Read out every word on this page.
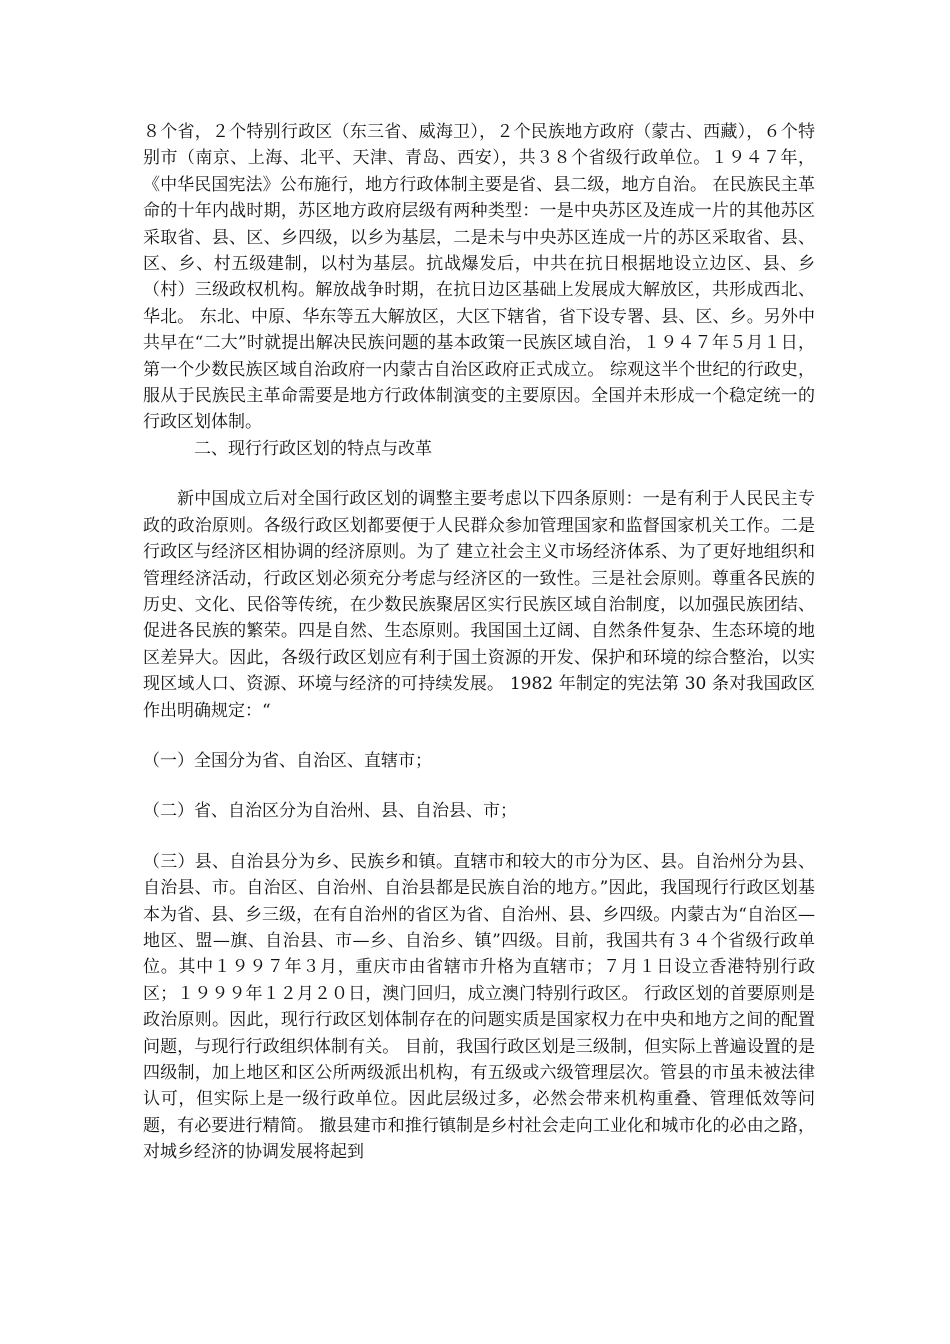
８个省，２个特别行政区（东三省、威海卫），２个民族地方政府（蒙古、西藏），６个特别市（南京、上海、北平、天津、青岛、西安），共３８个省级行政单位。１９４７年，《中华民国宪法》公布施行，地方行政体制主要是省、县二级，地方自治。 在民族民主革命的十年内战时期，苏区地方政府层级有两种类型：一是中央苏区及连成一片的其他苏区采取省、县、区、乡四级，以乡为基层，二是未与中央苏区连成一片的苏区采取省、县、区、乡、村五级建制，以村为基层。抗战爆发后，中共在抗日根据地设立边区、县、乡（村）三级政权机构。解放战争时期，在抗日边区基础上发展成大解放区，共形成西北、华北。 东北、中原、华东等五大解放区，大区下辖省，省下设专署、县、区、乡。另外中共早在“二大”时就提出解决民族问题的基本政策一民族区域自治，１９４７年５月１日，第一个少数民族区域自治政府一内蒙古自治区政府正式成立。 综观这半个世纪的行政史，服从于民族民主革命需要是地方行政体制演变的主要原因。全国并未形成一个稳定统一的行政区划体制。

二、现行行政区划的特点与改革

新中国成立后对全国行政区划的调整主要考虑以下四条原则：一是有利于人民民主专政的政治原则。各级行政区划都要便于人民群众参加管理国家和监督国家机关工作。二是行政区与经济区相协调的经济原则。为了 建立社会主义市场经济体系、为了更好地组织和管理经济活动，行政区划必须充分考虑与经济区的一致性。三是社会原则。尊重各民族的历史、文化、民俗等传统，在少数民族聚居区实行民族区域自治制度，以加强民族团结、促进各民族的繁荣。四是自然、生态原则。我国国土辽阔、自然条件复杂、生态环境的地区差异大。因此，各级行政区划应有利于国土资源的开发、保护和环境的综合整治，以实现区域人口、资源、环境与经济的可持续发展。 1982 年制定的宪法第 30 条对我国政区作出明确规定：“

（一）全国分为省、自治区、直辖市；

（二）省、自治区分为自治州、县、自治县、市；

（三）县、自治县分为乡、民族乡和镇。直辖市和较大的市分为区、县。自治州分为县、自治县、市。自治区、自治州、自治县都是民族自治的地方。”因此，我国现行行政区划基本为省、县、乡三级，在有自治州的省区为省、自治州、县、乡四级。内蒙古为“自治区—地区、盟—旗、自治县、市—乡、自治乡、镇”四级。目前，我国共有３４个省级行政单位。其中１９９７年３月，重庆市由省辖市升格为直辖市；７月１日设立香港特别行政区；１９９９年１２月２０日，澳门回归，成立澳门特别行政区。 行政区划的首要原则是政治原则。因此，现行行政区划体制存在的问题实质是国家权力在中央和地方之间的配置问题，与现行行政组织体制有关。 目前，我国行政区划是三级制，但实际上普遍设置的是四级制，加上地区和区公所两级派出机构，有五级或六级管理层次。管县的市虽未被法律认可，但实际上是一级行政单位。因此层级过多，必然会带来机构重叠、管理低效等问题，有必要进行精简。 撤县建市和推行镇制是乡村社会走向工业化和城市化的必由之路，对城乡经济的协调发展将起到
